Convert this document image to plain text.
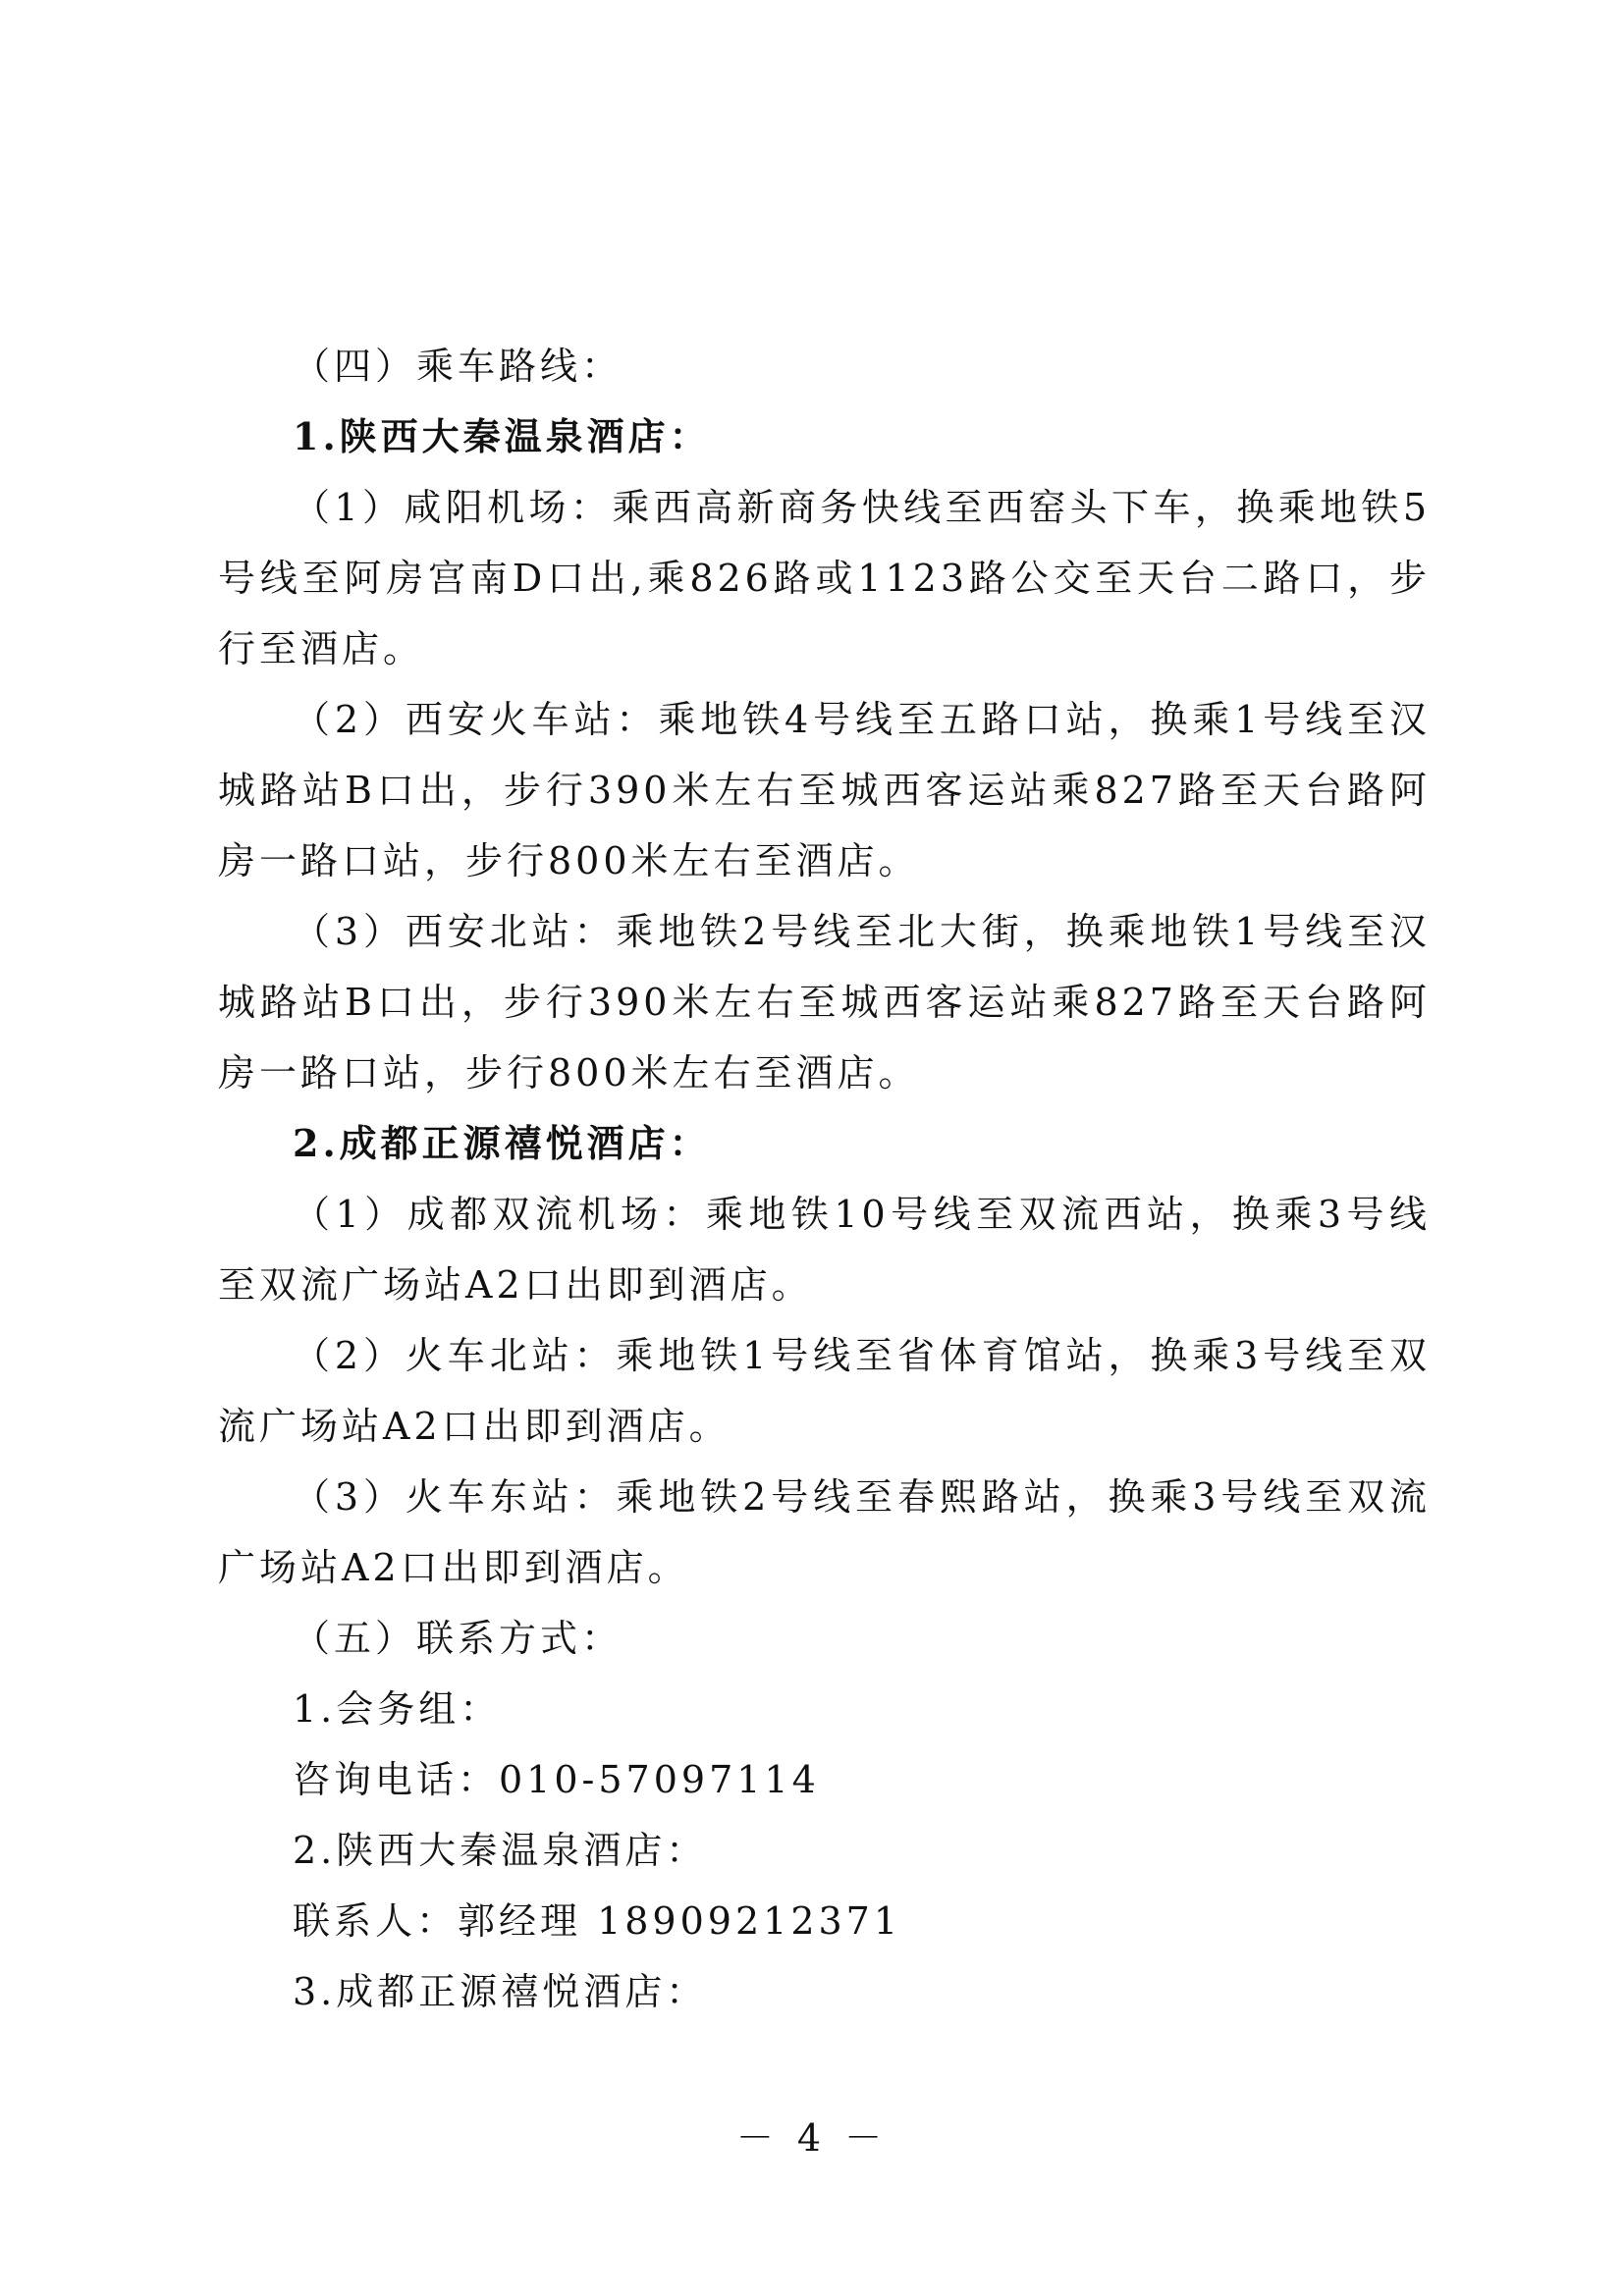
（四）乘车路线：

1.陕西大秦温泉酒店：

（1）咸阳机场：乘西高新商务快线至西窑头下车，换乘地铁5号线至阿房宫南D口出,乘826路或1123路公交至天台二路口，步行至酒店。

（2）西安火车站：乘地铁4号线至五路口站，换乘1号线至汉城路站B口出，步行390米左右至城西客运站乘827路至天台路阿房一路口站，步行800米左右至酒店。

（3）西安北站：乘地铁2号线至北大街，换乘地铁1号线至汉城路站B口出，步行390米左右至城西客运站乘827路至天台路阿房一路口站，步行800米左右至酒店。

2.成都正源禧悦酒店：

（1）成都双流机场：乘地铁10号线至双流西站，换乘3号线至双流广场站A2口出即到酒店。

（2）火车北站：乘地铁1号线至省体育馆站，换乘3号线至双流广场站A2口出即到酒店。

（3）火车东站：乘地铁2号线至春熙路站，换乘3号线至双流广场站A2口出即到酒店。

（五）联系方式：

1.会务组：

咨询电话：010-57097114

2.陕西大秦温泉酒店：

联系人：郭经理 18909212371

3.成都正源禧悦酒店：

－ 4 －
